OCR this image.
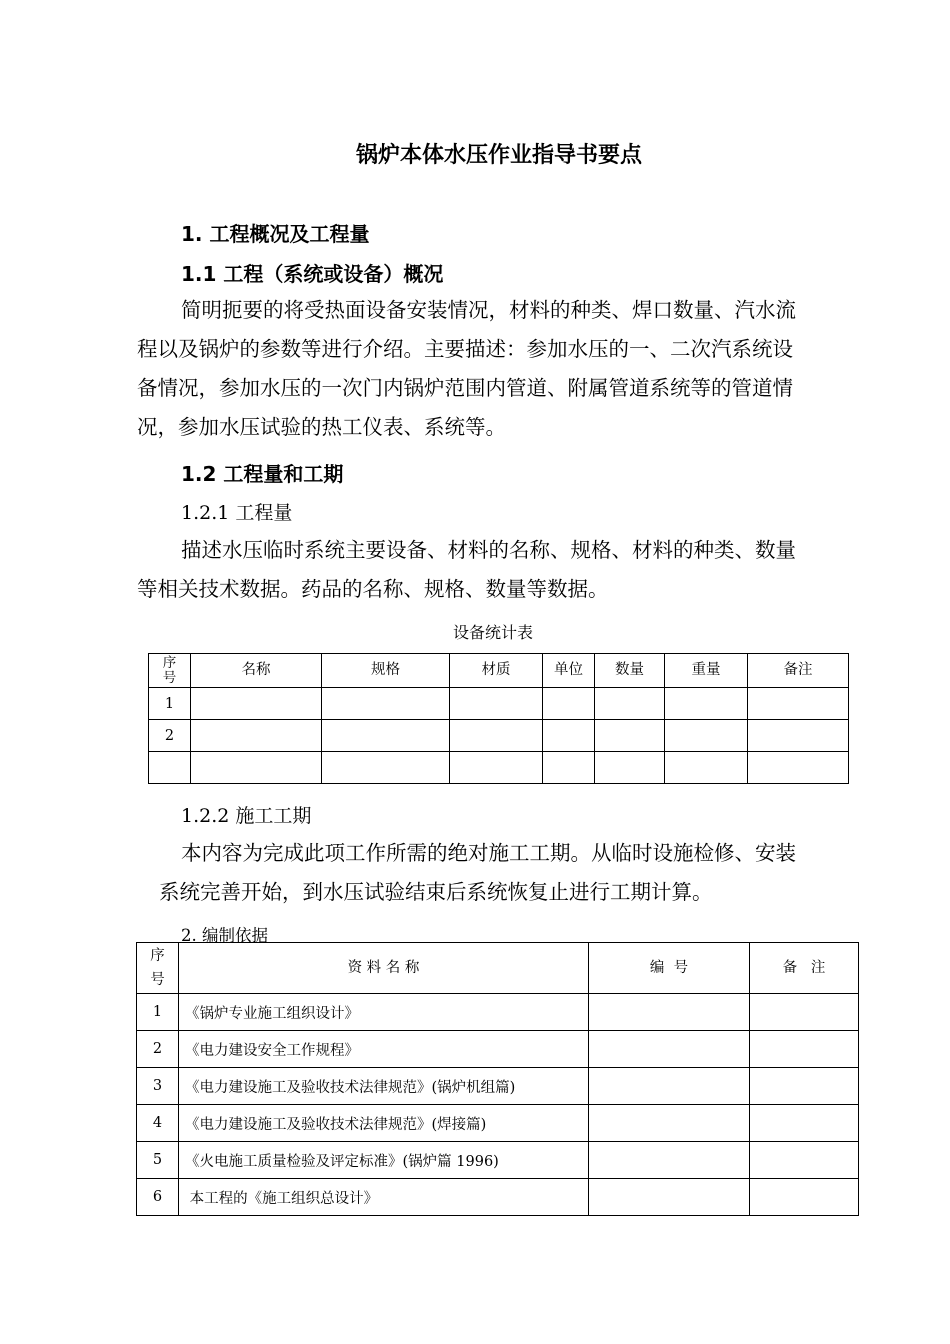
锅炉本体水压作业指导书要点
1. 工程概况及工程量
1.1 工程（系统或设备）概况
简明扼要的将受热面设备安装情况，材料的种类、焊口数量、汽水流
程以及锅炉的参数等进行介绍。主要描述：参加水压的一、二次汽系统设
备情况，参加水压的一次门内锅炉范围内管道、附属管道系统等的管道情
况，参加水压试验的热工仪表、系统等。
1.2 工程量和工期
1.2.1 工程量
描述水压临时系统主要设备、材料的名称、规格、材料的种类、数量
等相关技术数据。药品的名称、规格、数量等数据。
设备统计表
序号	名称	规格	材质	单位	数量	重量	备注
1							
2							

1.2.2 施工工期
本内容为完成此项工作所需的绝对施工工期。从临时设施检修、安装
系统完善开始，到水压试验结束后系统恢复止进行工期计算。
2. 编制依据
序号	资 料 名 称	编  号	备   注
1	《锅炉专业施工组织设计》		
2	《电力建设安全工作规程》		
3	《电力建设施工及验收技术法律规范》(锅炉机组篇)		
4	《电力建设施工及验收技术法律规范》(焊接篇)		
5	《火电施工质量检验及评定标准》(锅炉篇 1996)		
6	本工程的《施工组织总设计》		
